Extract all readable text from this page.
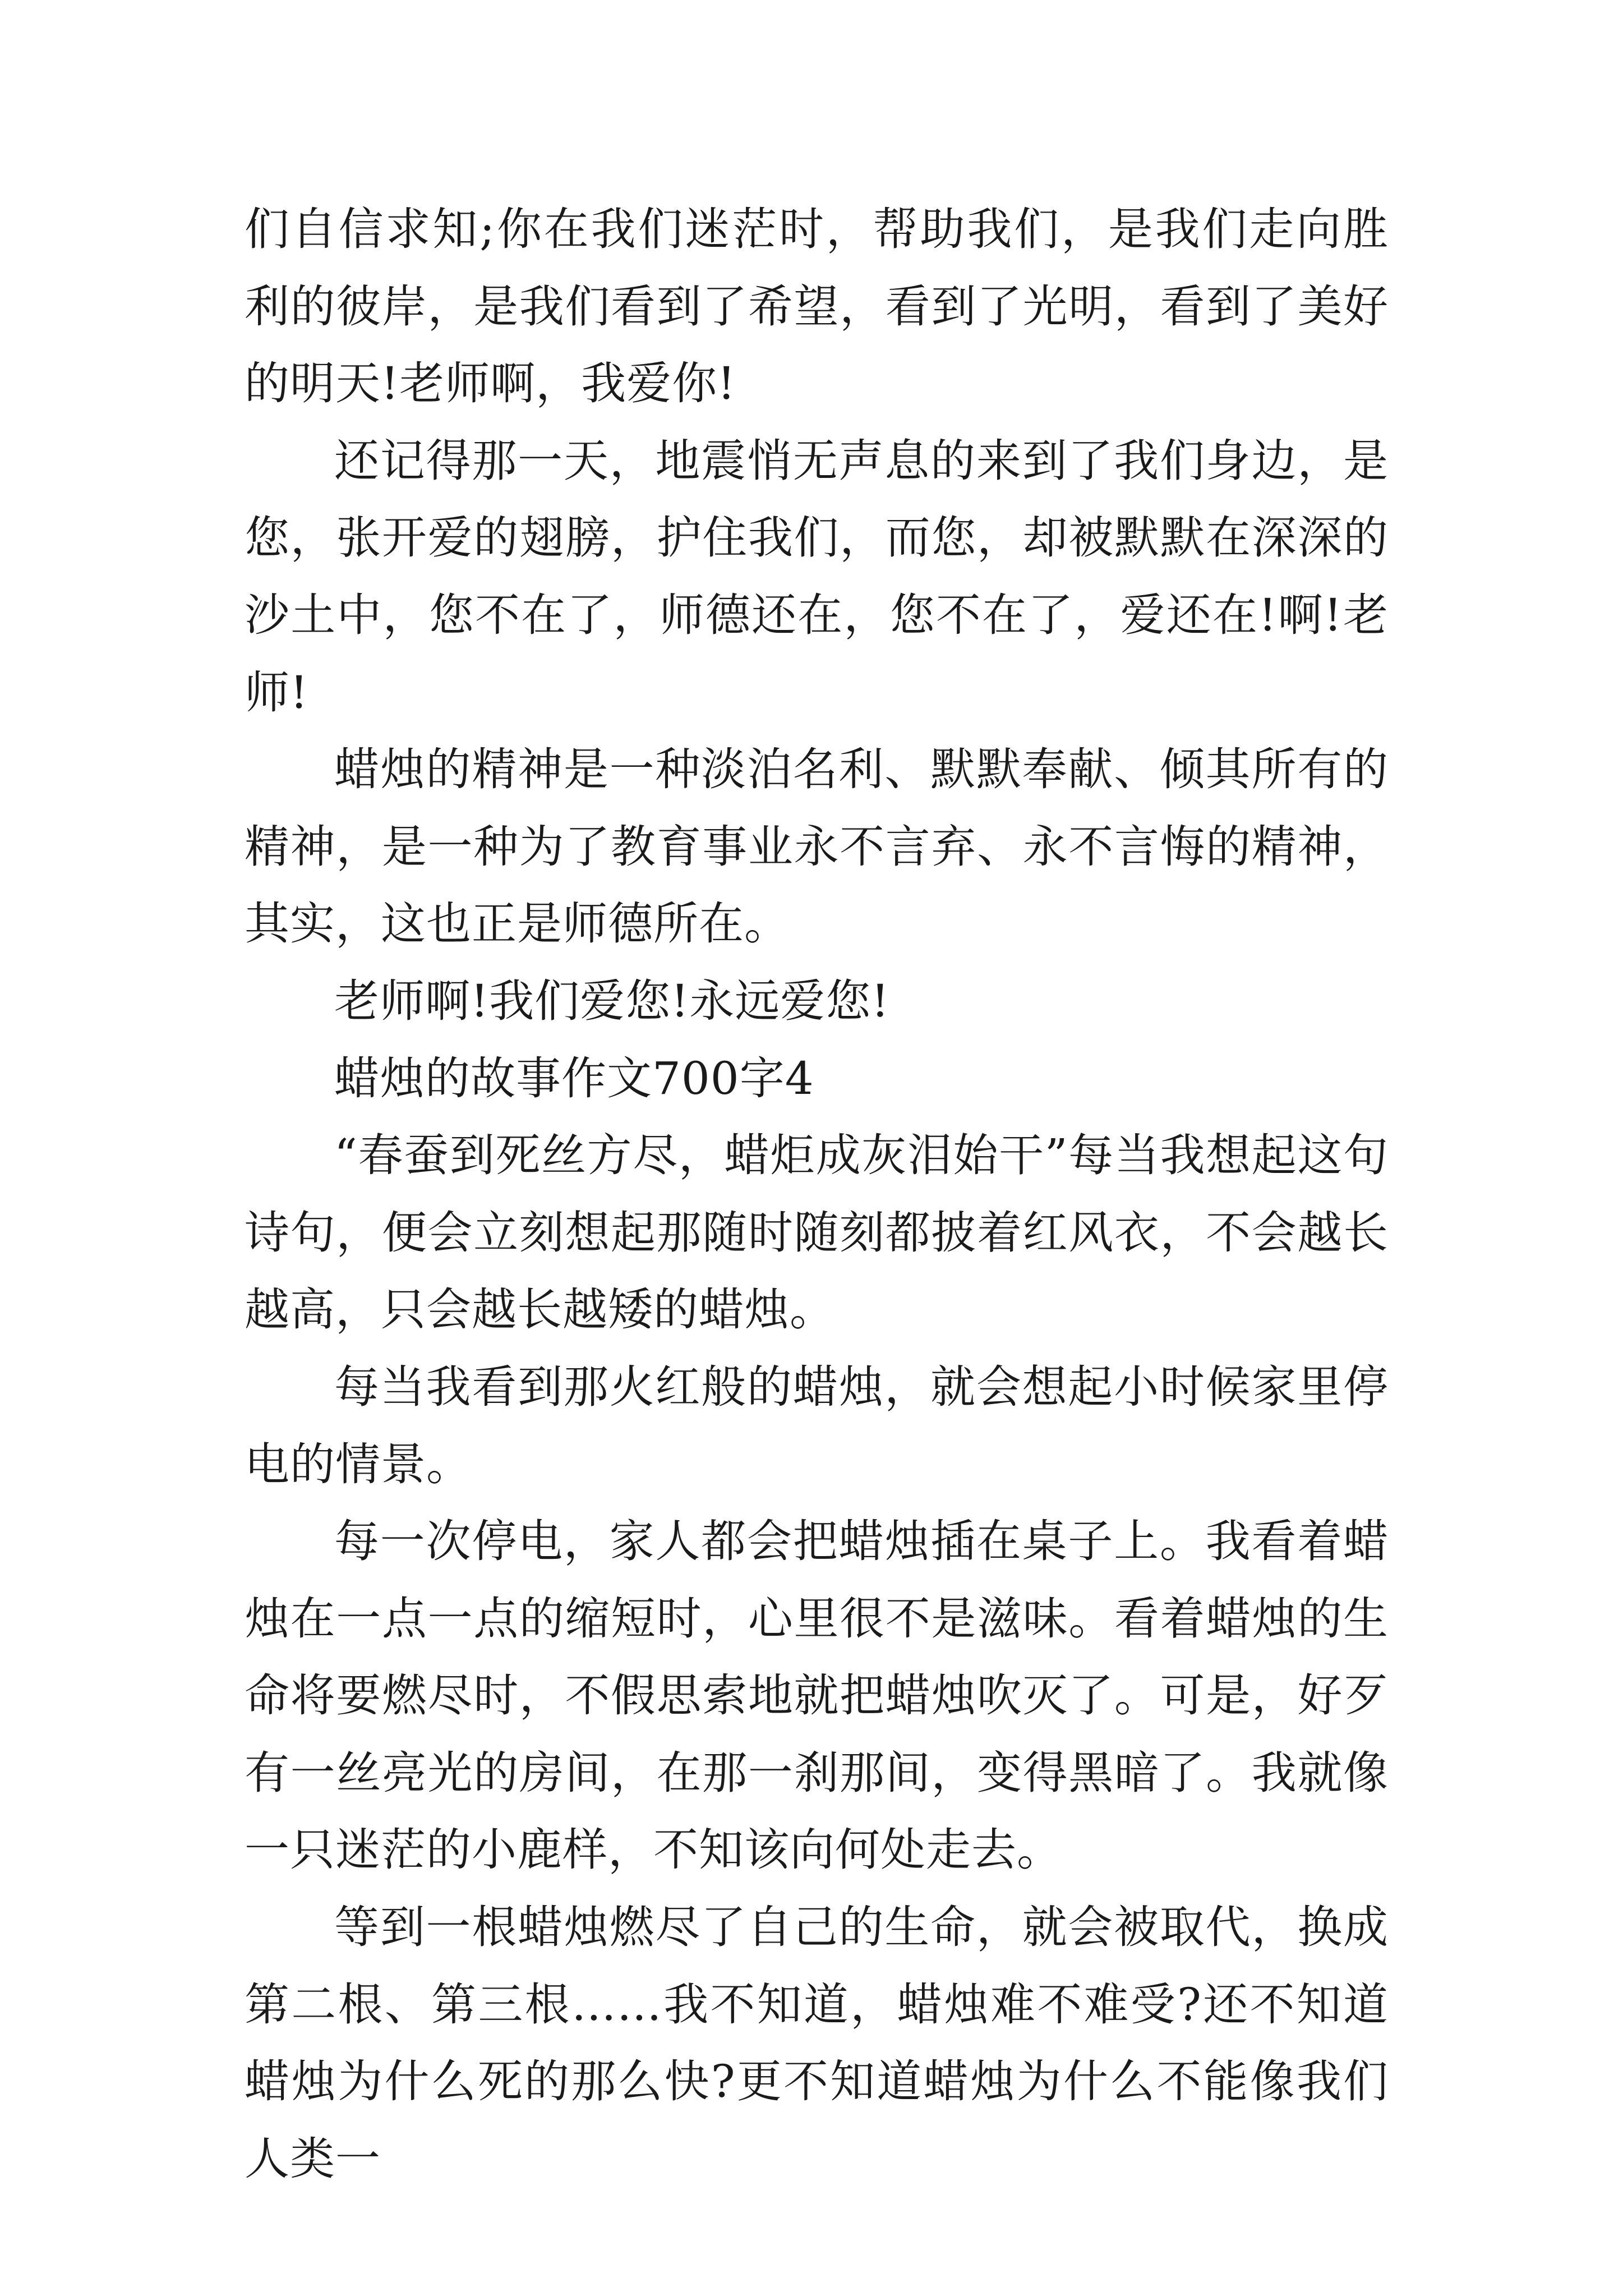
们自信求知;你在我们迷茫时，帮助我们，是我们走向胜利的彼岸，是我们看到了希望，看到了光明，看到了美好的明天!老师啊，我爱你!

还记得那一天，地震悄无声息的来到了我们身边，是您，张开爱的翅膀，护住我们，而您，却被默默在深深的沙土中，您不在了，师德还在，您不在了，爱还在!啊!老师!

蜡烛的精神是一种淡泊名利、默默奉献、倾其所有的精神，是一种为了教育事业永不言弃、永不言悔的精神，其实，这也正是师德所在。

老师啊!我们爱您!永远爱您!

蜡烛的故事作文700字4

“春蚕到死丝方尽，蜡炬成灰泪始干”每当我想起这句诗句，便会立刻想起那随时随刻都披着红风衣，不会越长越高，只会越长越矮的蜡烛。

每当我看到那火红般的蜡烛，就会想起小时候家里停电的情景。

每一次停电，家人都会把蜡烛插在桌子上。我看着蜡烛在一点一点的缩短时，心里很不是滋味。看着蜡烛的生命将要燃尽时，不假思索地就把蜡烛吹灭了。可是，好歹有一丝亮光的房间，在那一刹那间，变得黑暗了。我就像一只迷茫的小鹿样，不知该向何处走去。

等到一根蜡烛燃尽了自己的生命，就会被取代，换成第二根、第三根……我不知道，蜡烛难不难受?还不知道蜡烛为什么死的那么快?更不知道蜡烛为什么不能像我们人类一
